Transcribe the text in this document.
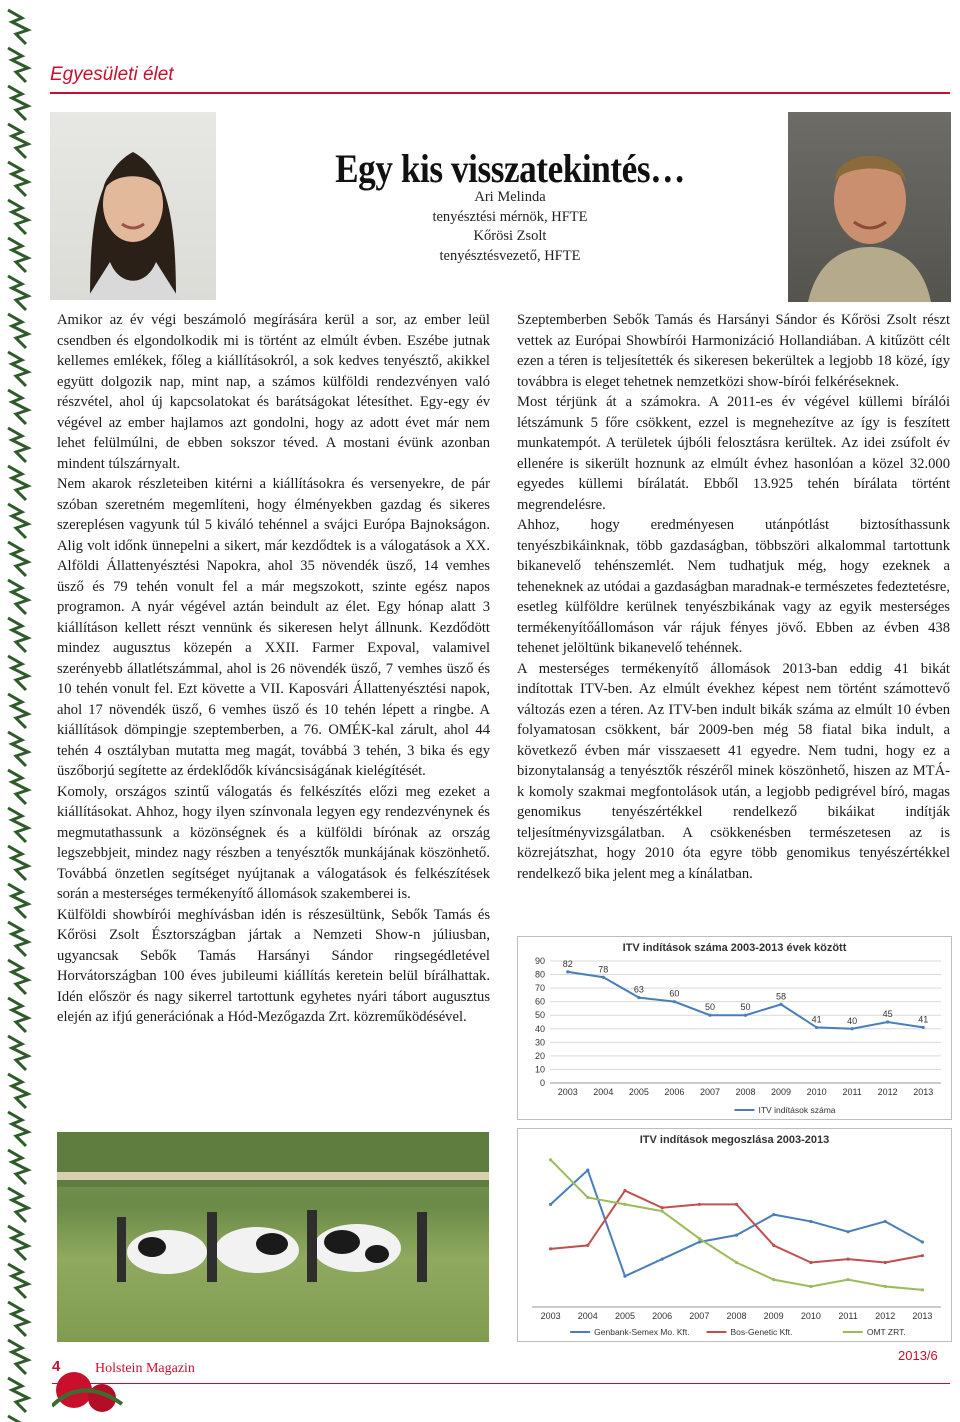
Egyesületi élet
Egy kis visszatekintés…
Ari Melinda
tenyésztési mérnök, HFTE
Kőrösi Zsolt
tenyésztésvezető, HFTE

Amikor az év végi beszámoló megírására kerül a sor, az ember leül csendben és elgondolkodik mi is történt az elmúlt évben. Eszébe jutnak kellemes emlékek, főleg a kiállításokról, a sok kedves tenyésztő, akikkel együtt dolgozik nap, mint nap, a számos külföldi rendezvényen való részvétel, ahol új kapcsolatokat és barátságokat létesíthet. Egy-egy év végével az ember hajlamos azt gondolni, hogy az adott évet már nem lehet felülmúlni, de ebben sokszor téved. A mostani évünk azonban mindent túlszárnyalt.

Nem akarok részleteiben kitérni a kiállításokra és versenyekre, de pár szóban szeretném megemlíteni, hogy élményekben gazdag és sikeres szereplésen vagyunk túl 5 kiváló tehénnel a svájci Európa Bajnokságon. Alig volt időnk ünnepelni a sikert, már kezdődtek is a válogatások a XX. Alföldi Állattenyésztési Napokra, ahol 35 növendék üsző, 14 vemhes üsző és 79 tehén vonult fel a már megszokott, szinte egész napos programon. A nyár végével aztán beindult az élet. Egy hónap alatt 3 kiállításon kellett részt vennünk és sikeresen helyt állnunk. Kezdődött mindez augusztus közepén a XXII. Farmer Expoval, valamivel szerényebb állatlétszámmal, ahol is 26 növendék üsző, 7 vemhes üsző és 10 tehén vonult fel. Ezt követte a VII. Kaposvári Állattenyésztési napok, ahol 17 növendék üsző, 6 vemhes üsző és 10 tehén lépett a ringbe. A kiállítások dömpingje szeptemberben, a 76. OMÉK-kal zárult, ahol 44 tehén 4 osztályban mutatta meg magát, továbbá 3 tehén, 3 bika és egy üszőborjú segítette az érdeklődők kíváncsiságának kielégítését.

Komoly, országos szintű válogatás és felkészítés előzi meg ezeket a kiállításokat. Ahhoz, hogy ilyen színvonala legyen egy rendezvénynek és megmutathassunk a közönségnek és a külföldi bírónak az ország legszebbjeit, mindez nagy részben a tenyésztők munkájának köszönhető. Továbbá önzetlen segítséget nyújtanak a válogatások és felkészítések során a mesterséges termékenyítő állomások szakemberei is.

Külföldi showbírói meghívásban idén is részesültünk, Sebők Tamás és Kőrösi Zsolt Észtországban jártak a Nemzeti Show-n júliusban, ugyancsak Sebők Tamás Harsányi Sándor ringsegédletével Horvátországban 100 éves jubileumi kiállítás keretein belül bírálhattak. Idén először és nagy sikerrel tartottunk egyhetes nyári tábort augusztus elején az ifjú generációnak a Hód-Mezőgazda Zrt. közreműködésével.

Szeptemberben Sebők Tamás és Harsányi Sándor és Kőrösi Zsolt részt vettek az Európai Showbírói Harmonizáció Hollandiában. A kitűzött célt ezen a téren is teljesítették és sikeresen bekerültek a legjobb 18 közé, így továbbra is eleget tehetnek nemzetközi show-bírói felkéréseknek.

Most térjünk át a számokra. A 2011-es év végével küllemi bírálói létszámunk 5 főre csökkent, ezzel is megnehezítve az így is feszített munkatempót. A területek újbóli felosztásra kerültek. Az idei zsúfolt év ellenére is sikerült hoznunk az elmúlt évhez hasonlóan a közel 32.000 egyedes küllemi bírálatát. Ebből 13.925 tehén bírálata történt megrendelésre.

Ahhoz, hogy eredményesen utánpótlást biztosíthassunk tenyészbikáinknak, több gazdaságban, többszöri alkalommal tartottunk bikanevelő tehénszemlét. Nem tudhatjuk még, hogy ezeknek a teheneknek az utódai a gazdaságban maradnak-e természetes fedeztetésre, esetleg külföldre kerülnek tenyészbikának vagy az egyik mesterséges termékenyítőállomáson vár rájuk fényes jövő. Ebben az évben 438 tehenet jelöltünk bikanevelő tehénnek.

A mesterséges termékenyítő állomások 2013-ban eddig 41 bikát indítottak ITV-ben. Az elmúlt évekhez képest nem történt számottevő változás ezen a téren. Az ITV-ben indult bikák száma az elmúlt 10 évben folyamatosan csökkent, bár 2009-ben még 58 fiatal bika indult, a következő évben már visszaesett 41 egyedre. Nem tudni, hogy ez a bizonytalanság a tenyésztők részéről minek köszönhető, hiszen az MTÁ-k komoly szakmai megfontolások után, a legjobb pedigrével bíró, magas genomikus tenyészértékkel rendelkező bikáikat indítják teljesítményvizsgálatban. A csökkenésben természetesen az is közrejátszhat, hogy 2010 óta egyre több genomikus tenyészértékkel rendelkező bika jelent meg a kínálatban.

ITV indítások száma 2003-2013 évek között
0
10
20
30
40
50
60
70
80
90
2003 2004 2005 2006 2007 2008 2009 2010 2011 2012 2013
82
78
63	60
50	50
58
41	40
45
41
ITV indítások száma
ITV indítások megoszlása 2003-2013
2003 2004 2005 2006 2007 2008 2009 2010 2011 2012 2013
Genbank-Semex Mo. Kft.	Bos-Genetic Kft.	OMT ZRT.
4 Holstein Magazin
2013/6
